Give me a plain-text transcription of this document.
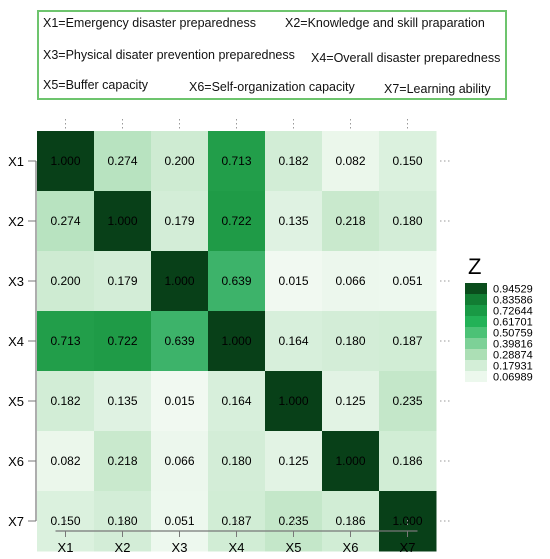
X1=Emergency disaster preparedness X2=Knowledge and skill praparation
X3=Physical disater prevention preparedness X4=Overall disaster preparedness
X5=Buffer capacity	X6=Self-organization capacity X7=Learning ability
1.000 0.274 0.200 0.713 0.182 0.082 0.150
0.274 1.000 0.179 0.722 0.135 0.218 0.180
0.200 0.179 1.000 0.639 0.015 0.066 0.051
0.713 0.722 0.639 1.000 0.164 0.180 0.187
0.182 0.135 0.015 0.164 1.000 0.125 0.235
0.082 0.218 0.066 0.180 0.125 1.000 0.186
0.150 0.180 0.051 0.187 0.235 0.186 1.000
X1
X1
X2
X2
X3
X3
X4
X4
X5
X5
X6
X6
X7
X7
Z
0.94529
0.83586
0.72644
0.61701
0.50759
0.39816
0.28874
0.17931
0.06989
